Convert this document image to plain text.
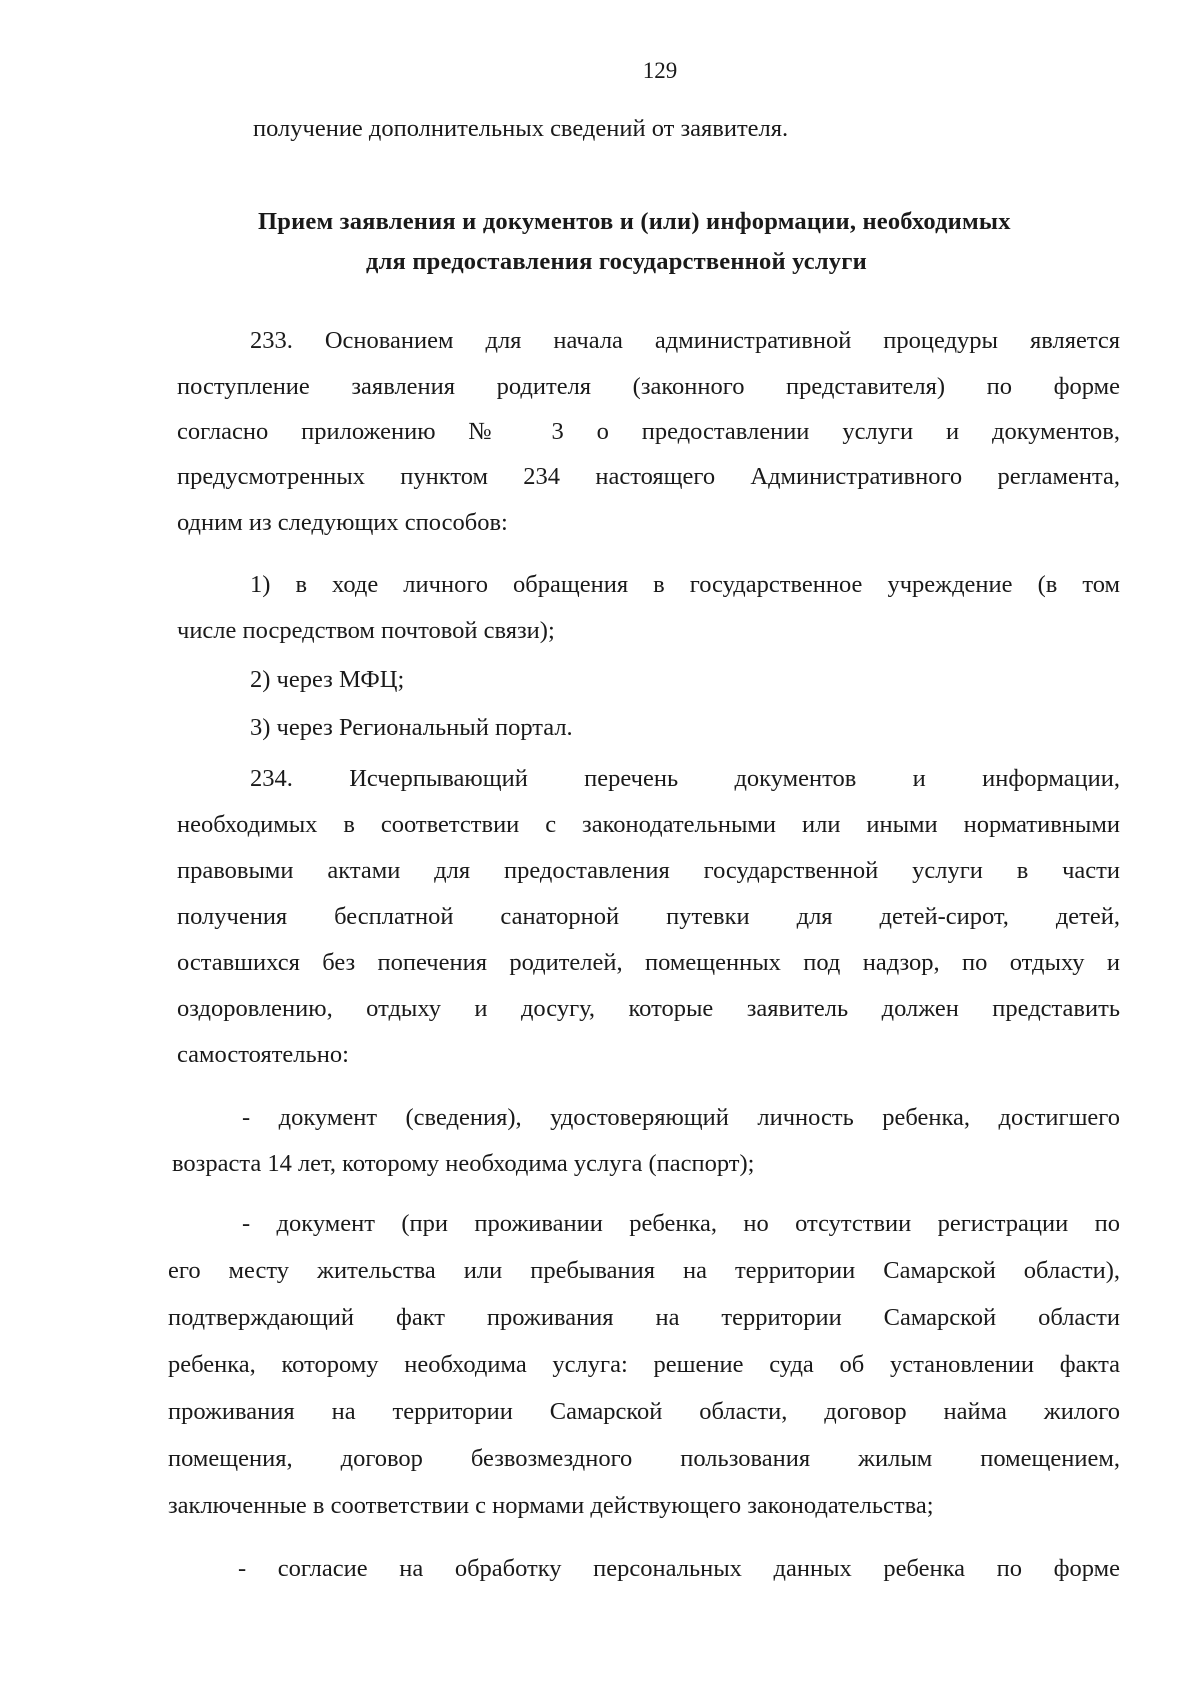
129
получение дополнительных сведений от заявителя.
Прием заявления и документов и (или) информации, необходимых
для предоставления государственной услуги
233. Основанием для начала административной процедуры является
поступление заявления родителя (законного представителя) по форме
согласно приложению № 3 о предоставлении услуги и документов,
предусмотренных пунктом 234 настоящего Административного регламента,
одним из следующих способов:
1) в ходе личного обращения в государственное учреждение (в том
числе посредством почтовой связи);
2) через МФЦ;
3) через Региональный портал.
234. Исчерпывающий перечень документов и информации,
необходимых в соответствии с законодательными или иными нормативными
правовыми актами для предоставления государственной услуги в части
получения бесплатной санаторной путевки для детей-сирот, детей,
оставшихся без попечения родителей, помещенных под надзор, по отдыху и
оздоровлению, отдыху и досугу, которые заявитель должен представить
самостоятельно:
- документ (сведения), удостоверяющий личность ребенка, достигшего
возраста 14 лет, которому необходима услуга (паспорт);
- документ (при проживании ребенка, но отсутствии регистрации по
его месту жительства или пребывания на территории Самарской области),
подтверждающий факт проживания на территории Самарской области
ребенка, которому необходима услуга: решение суда об установлении факта
проживания на территории Самарской области, договор найма жилого
помещения, договор безвозмездного пользования жилым помещением,
заключенные в соответствии с нормами действующего законодательства;
- согласие на обработку персональных данных ребенка по форме
